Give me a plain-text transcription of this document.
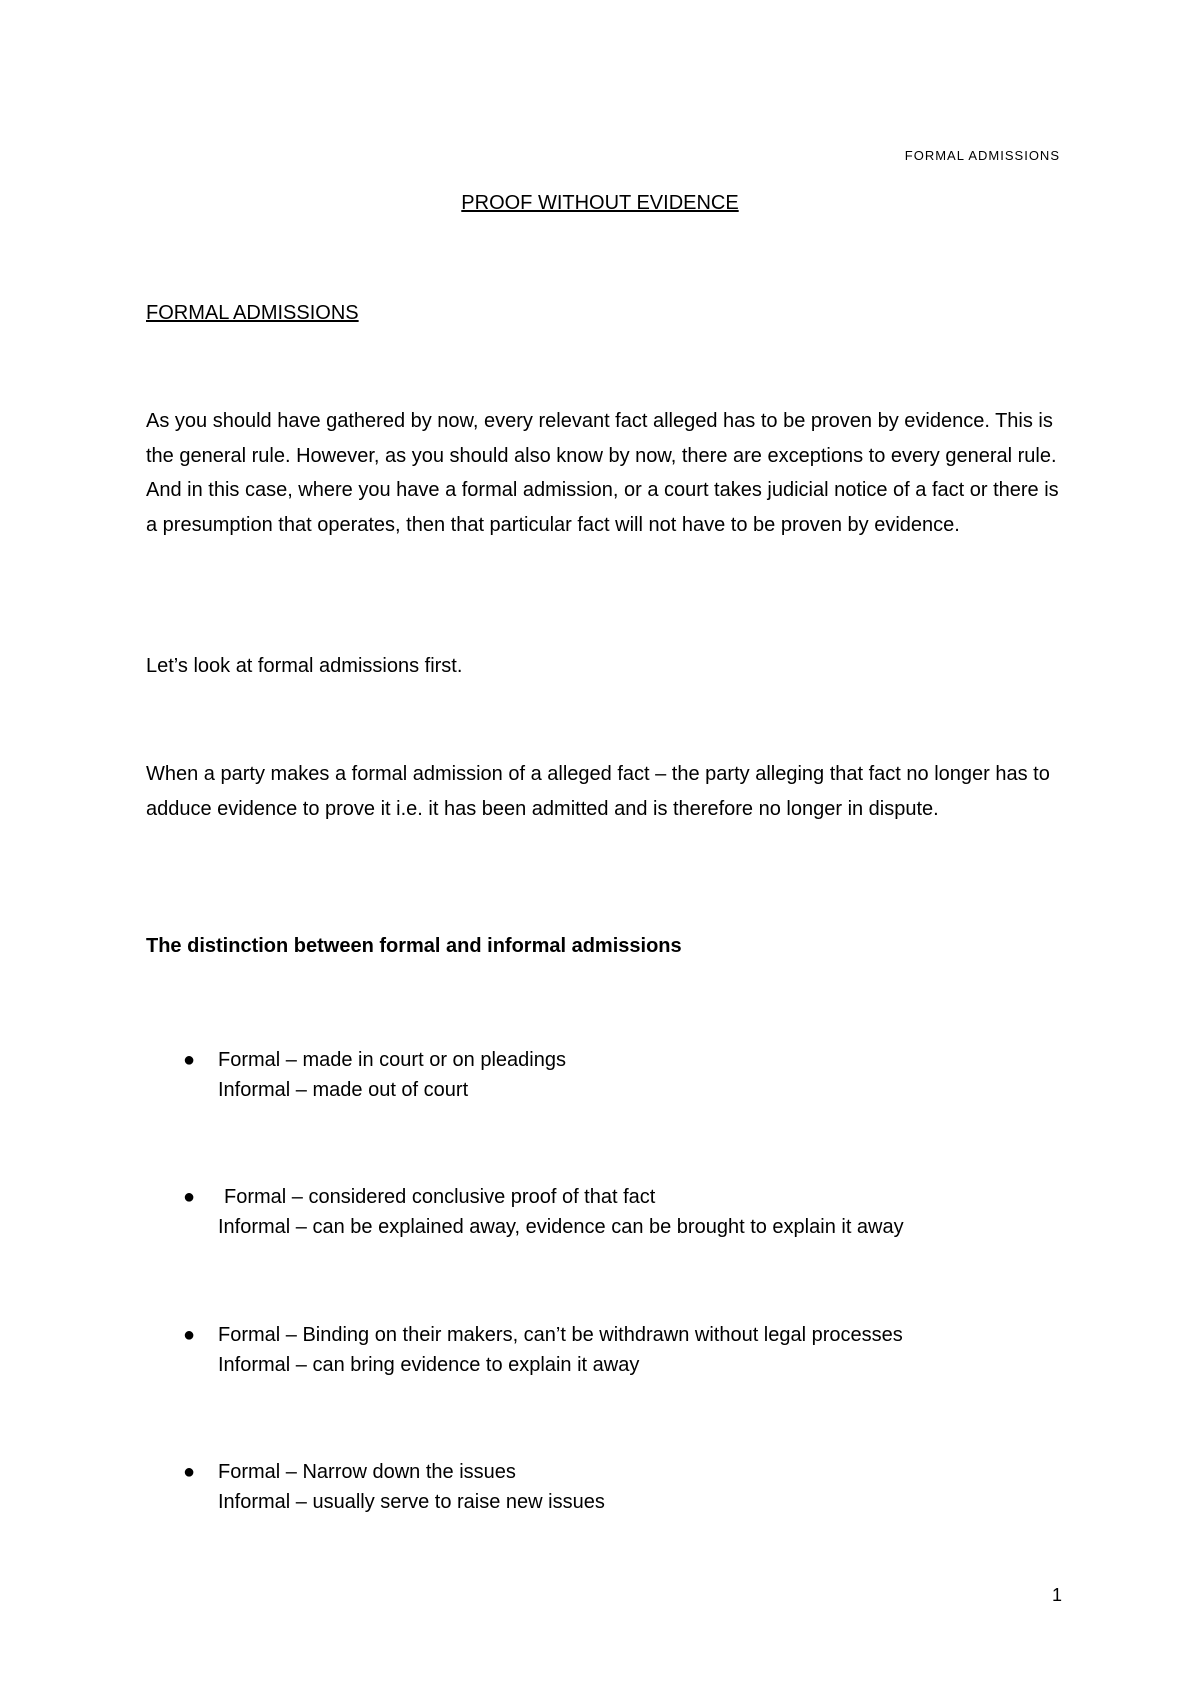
FORMAL ADMISSIONS
PROOF WITHOUT EVIDENCE
FORMAL ADMISSIONS

As you should have gathered by now, every relevant fact alleged has to be proven by evidence. This is the general rule. However, as you should also know by now, there are exceptions to every general rule. And in this case, where you have a formal admission, or a court takes judicial notice of a fact or there is a presumption that operates, then that particular fact will not have to be proven by evidence.

Let’s look at formal admissions first.

When a party makes a formal admission of a alleged fact – the party alleging that fact no longer has to adduce evidence to prove it i.e. it has been admitted and is therefore no longer in dispute.

The distinction between formal and informal admissions
● Formal – made in court or on pleadings
Informal – made out of court
● Formal – considered conclusive proof of that fact
Informal – can be explained away, evidence can be brought to explain it away
● Formal – Binding on their makers, can’t be withdrawn without legal processes
Informal – can bring evidence to explain it away
● Formal – Narrow down the issues
Informal – usually serve to raise new issues
1
